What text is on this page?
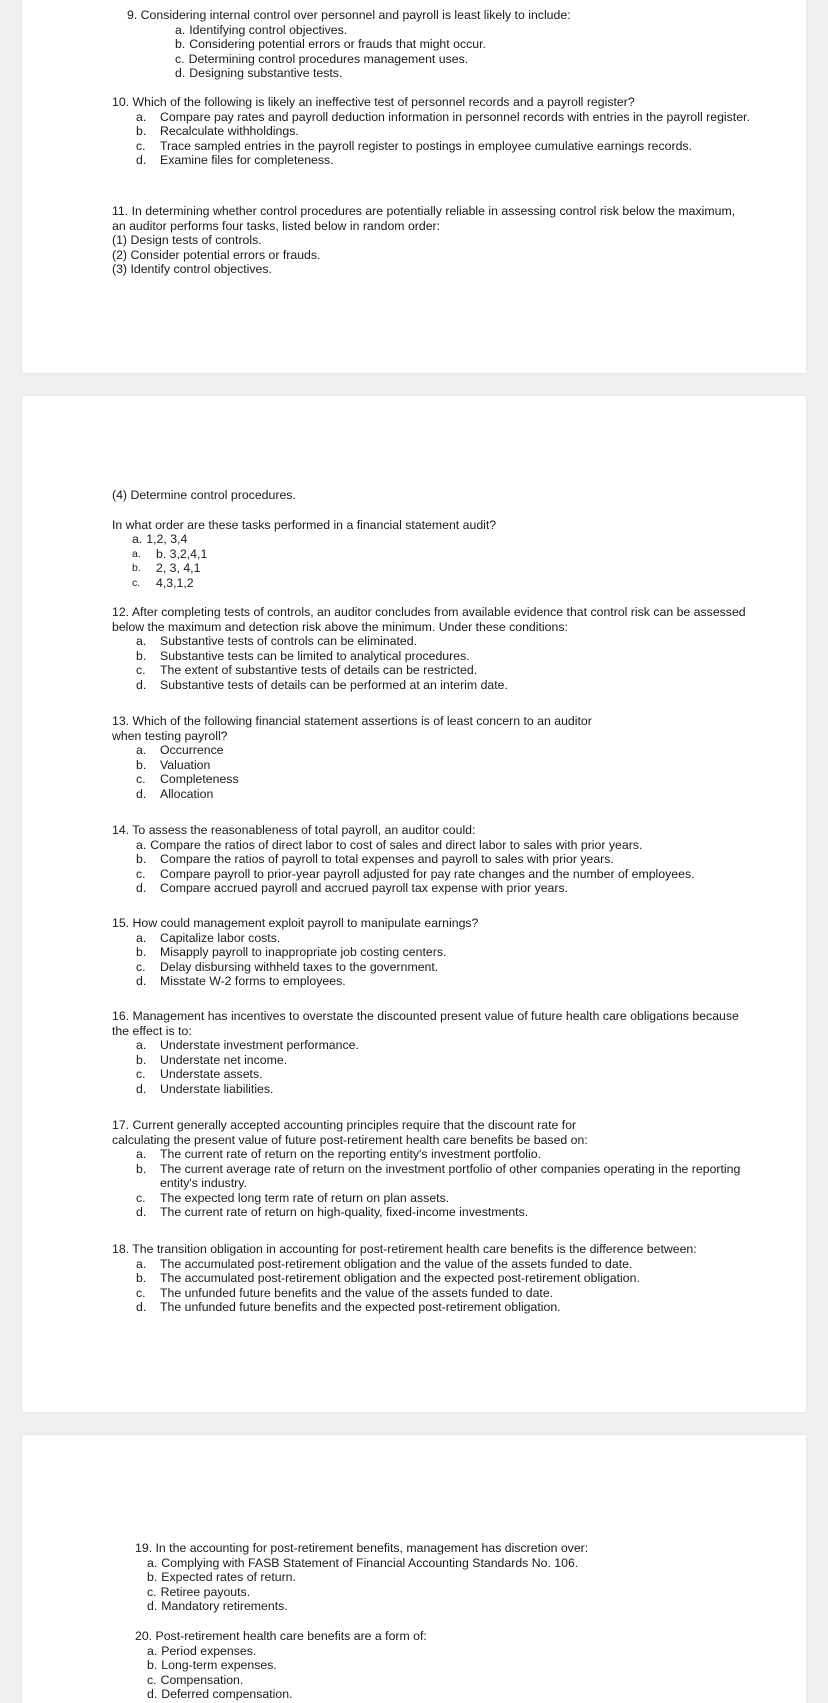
9. Considering internal control over personnel and payroll is least likely to include:

a. Identifying control objectives.
b. Considering potential errors or frauds that might occur.
c. Determining control procedures management uses.
d. Designing substantive tests.

10. Which of the following is likely an ineffective test of personnel records and a payroll register?

a.	Compare pay rates and payroll deduction information in personnel records with entries in the payroll register.
b.	Recalculate withholdings.
c.	Trace sampled entries in the payroll register to postings in employee cumulative earnings records.
d.	Examine files for completeness.

11. In determining whether control procedures are potentially reliable in assessing control risk below the maximum, an auditor performs four tasks, listed below in random order:

(1) Design tests of controls.

(2) Consider potential errors or frauds.

(3) Identify control objectives.

(4) Determine control procedures.

In what order are these tasks performed in a financial statement audit?

a. 1,2, 3,4
a.	b. 3,2,4,1
b.	2, 3, 4,1
c.	4,3,1,2

12. After completing tests of controls, an auditor concludes from available evidence that control risk can be assessed below the maximum and detection risk above the minimum. Under these conditions:

a.	Substantive tests of controls can be eliminated.
b.	Substantive tests can be limited to analytical procedures.
c.	The extent of substantive tests of details can be restricted.
d.	Substantive tests of details can be performed at an interim date.

13. Which of the following financial statement assertions is of least concern to an auditor
when testing payroll?

a.	Occurrence
b.	Valuation
c.	Completeness
d.	Allocation

14. To assess the reasonableness of total payroll, an auditor could:

a. Compare the ratios of direct labor to cost of sales and direct labor to sales with prior years.
b.	Compare the ratios of payroll to total expenses and payroll to sales with prior years.
c.	Compare payroll to prior-year payroll adjusted for pay rate changes and the number of employees.
d.	Compare accrued payroll and accrued payroll tax expense with prior years.

15. How could management exploit payroll to manipulate earnings?

a.	Capitalize labor costs.
b.	Misapply payroll to inappropriate job costing centers.
c.	Delay disbursing withheld taxes to the government.
d.	Misstate W-2 forms to employees.

16. Management has incentives to overstate the discounted present value of future health care obligations because the effect is to:

a.	Understate investment performance.
b.	Understate net income.
c.	Understate assets.
d.	Understate liabilities.

17. Current generally accepted accounting principles require that the discount rate for
calculating the present value of future post-retirement health care benefits be based on:

a.	The current rate of return on the reporting entity's investment portfolio.
b.	The current average rate of return on the investment portfolio of other companies operating in the reporting entity's industry.
c.	The expected long term rate of return on plan assets.
d.	The current rate of return on high-quality, fixed-income investments.

18. The transition obligation in accounting for post-retirement health care benefits is the difference between:

a.	The accumulated post-retirement obligation and the value of the assets funded to date.
b.	The accumulated post-retirement obligation and the expected post-retirement obligation.
c.	The unfunded future benefits and the value of the assets funded to date.
d.	The unfunded future benefits and the expected post-retirement obligation.

19. In the accounting for post-retirement benefits, management has discretion over:

a. Complying with FASB Statement of Financial Accounting Standards No. 106.
b. Expected rates of return.
c. Retiree payouts.
d. Mandatory retirements.

20. Post-retirement health care benefits are a form of:

a. Period expenses.
b. Long-term expenses.
c. Compensation.
d. Deferred compensation.
